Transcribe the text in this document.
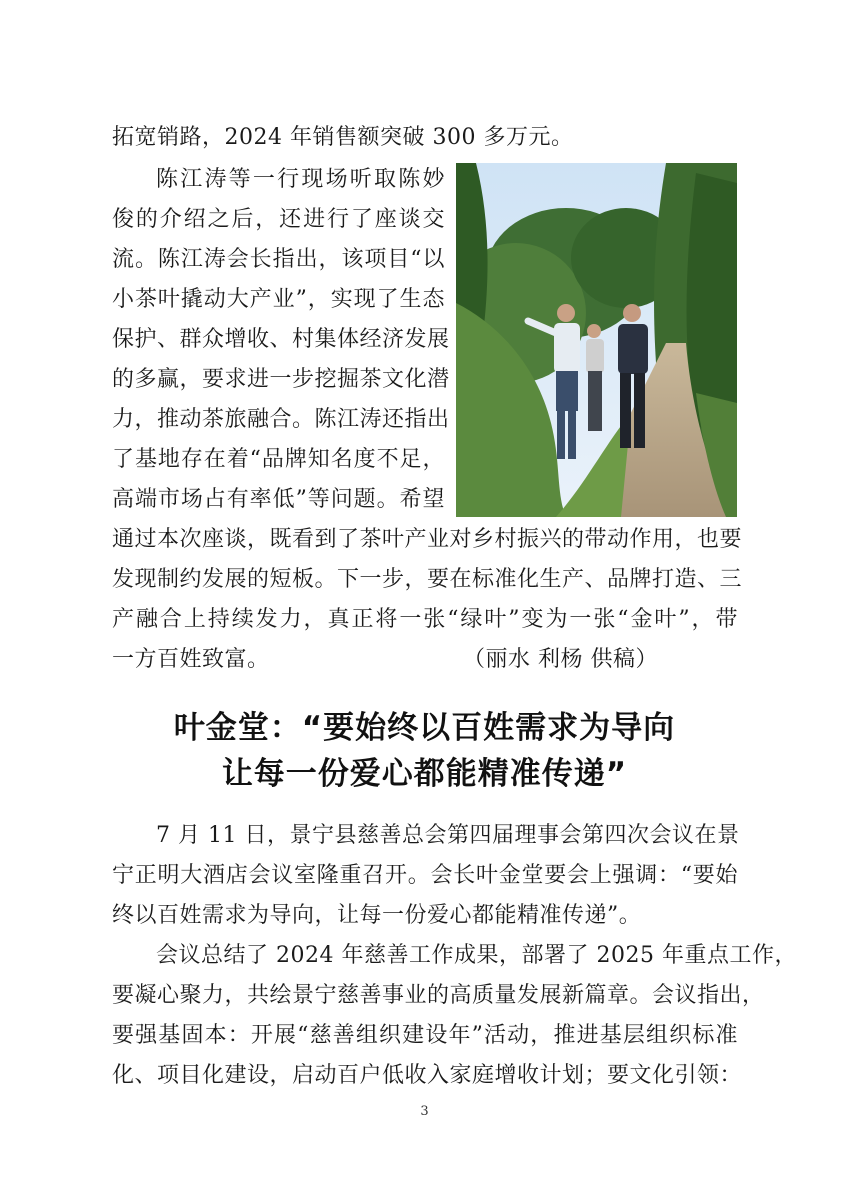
拓宽销路，2024 年销售额突破 300 多万元。
陈江涛等一行现场听取陈妙
俊的介绍之后，还进行了座谈交
流。陈江涛会长指出，该项目“以
小茶叶撬动大产业”，实现了生态
保护、群众增收、村集体经济发展
的多赢，要求进一步挖掘茶文化潜
力，推动茶旅融合。陈江涛还指出
了基地存在着“品牌知名度不足，
高端市场占有率低”等问题。希望
通过本次座谈，既看到了茶叶产业对乡村振兴的带动作用，也要
发现制约发展的短板。下一步，要在标准化生产、品牌打造、三
产融合上持续发力，真正将一张“绿叶”变为一张“金叶”，带
一方百姓致富。	（丽水 利杨 供稿）
叶金堂：“要始终以百姓需求为导向
让每一份爱心都能精准传递”
7 月 11 日，景宁县慈善总会第四届理事会第四次会议在景
宁正明大酒店会议室隆重召开。会长叶金堂要会上强调：“要始
终以百姓需求为导向，让每一份爱心都能精准传递”。
会议总结了 2024 年慈善工作成果，部署了 2025 年重点工作，
要凝心聚力，共绘景宁慈善事业的高质量发展新篇章。会议指出，
要强基固本：开展“慈善组织建设年”活动，推进基层组织标准
化、项目化建设，启动百户低收入家庭增收计划；要文化引领：
3
